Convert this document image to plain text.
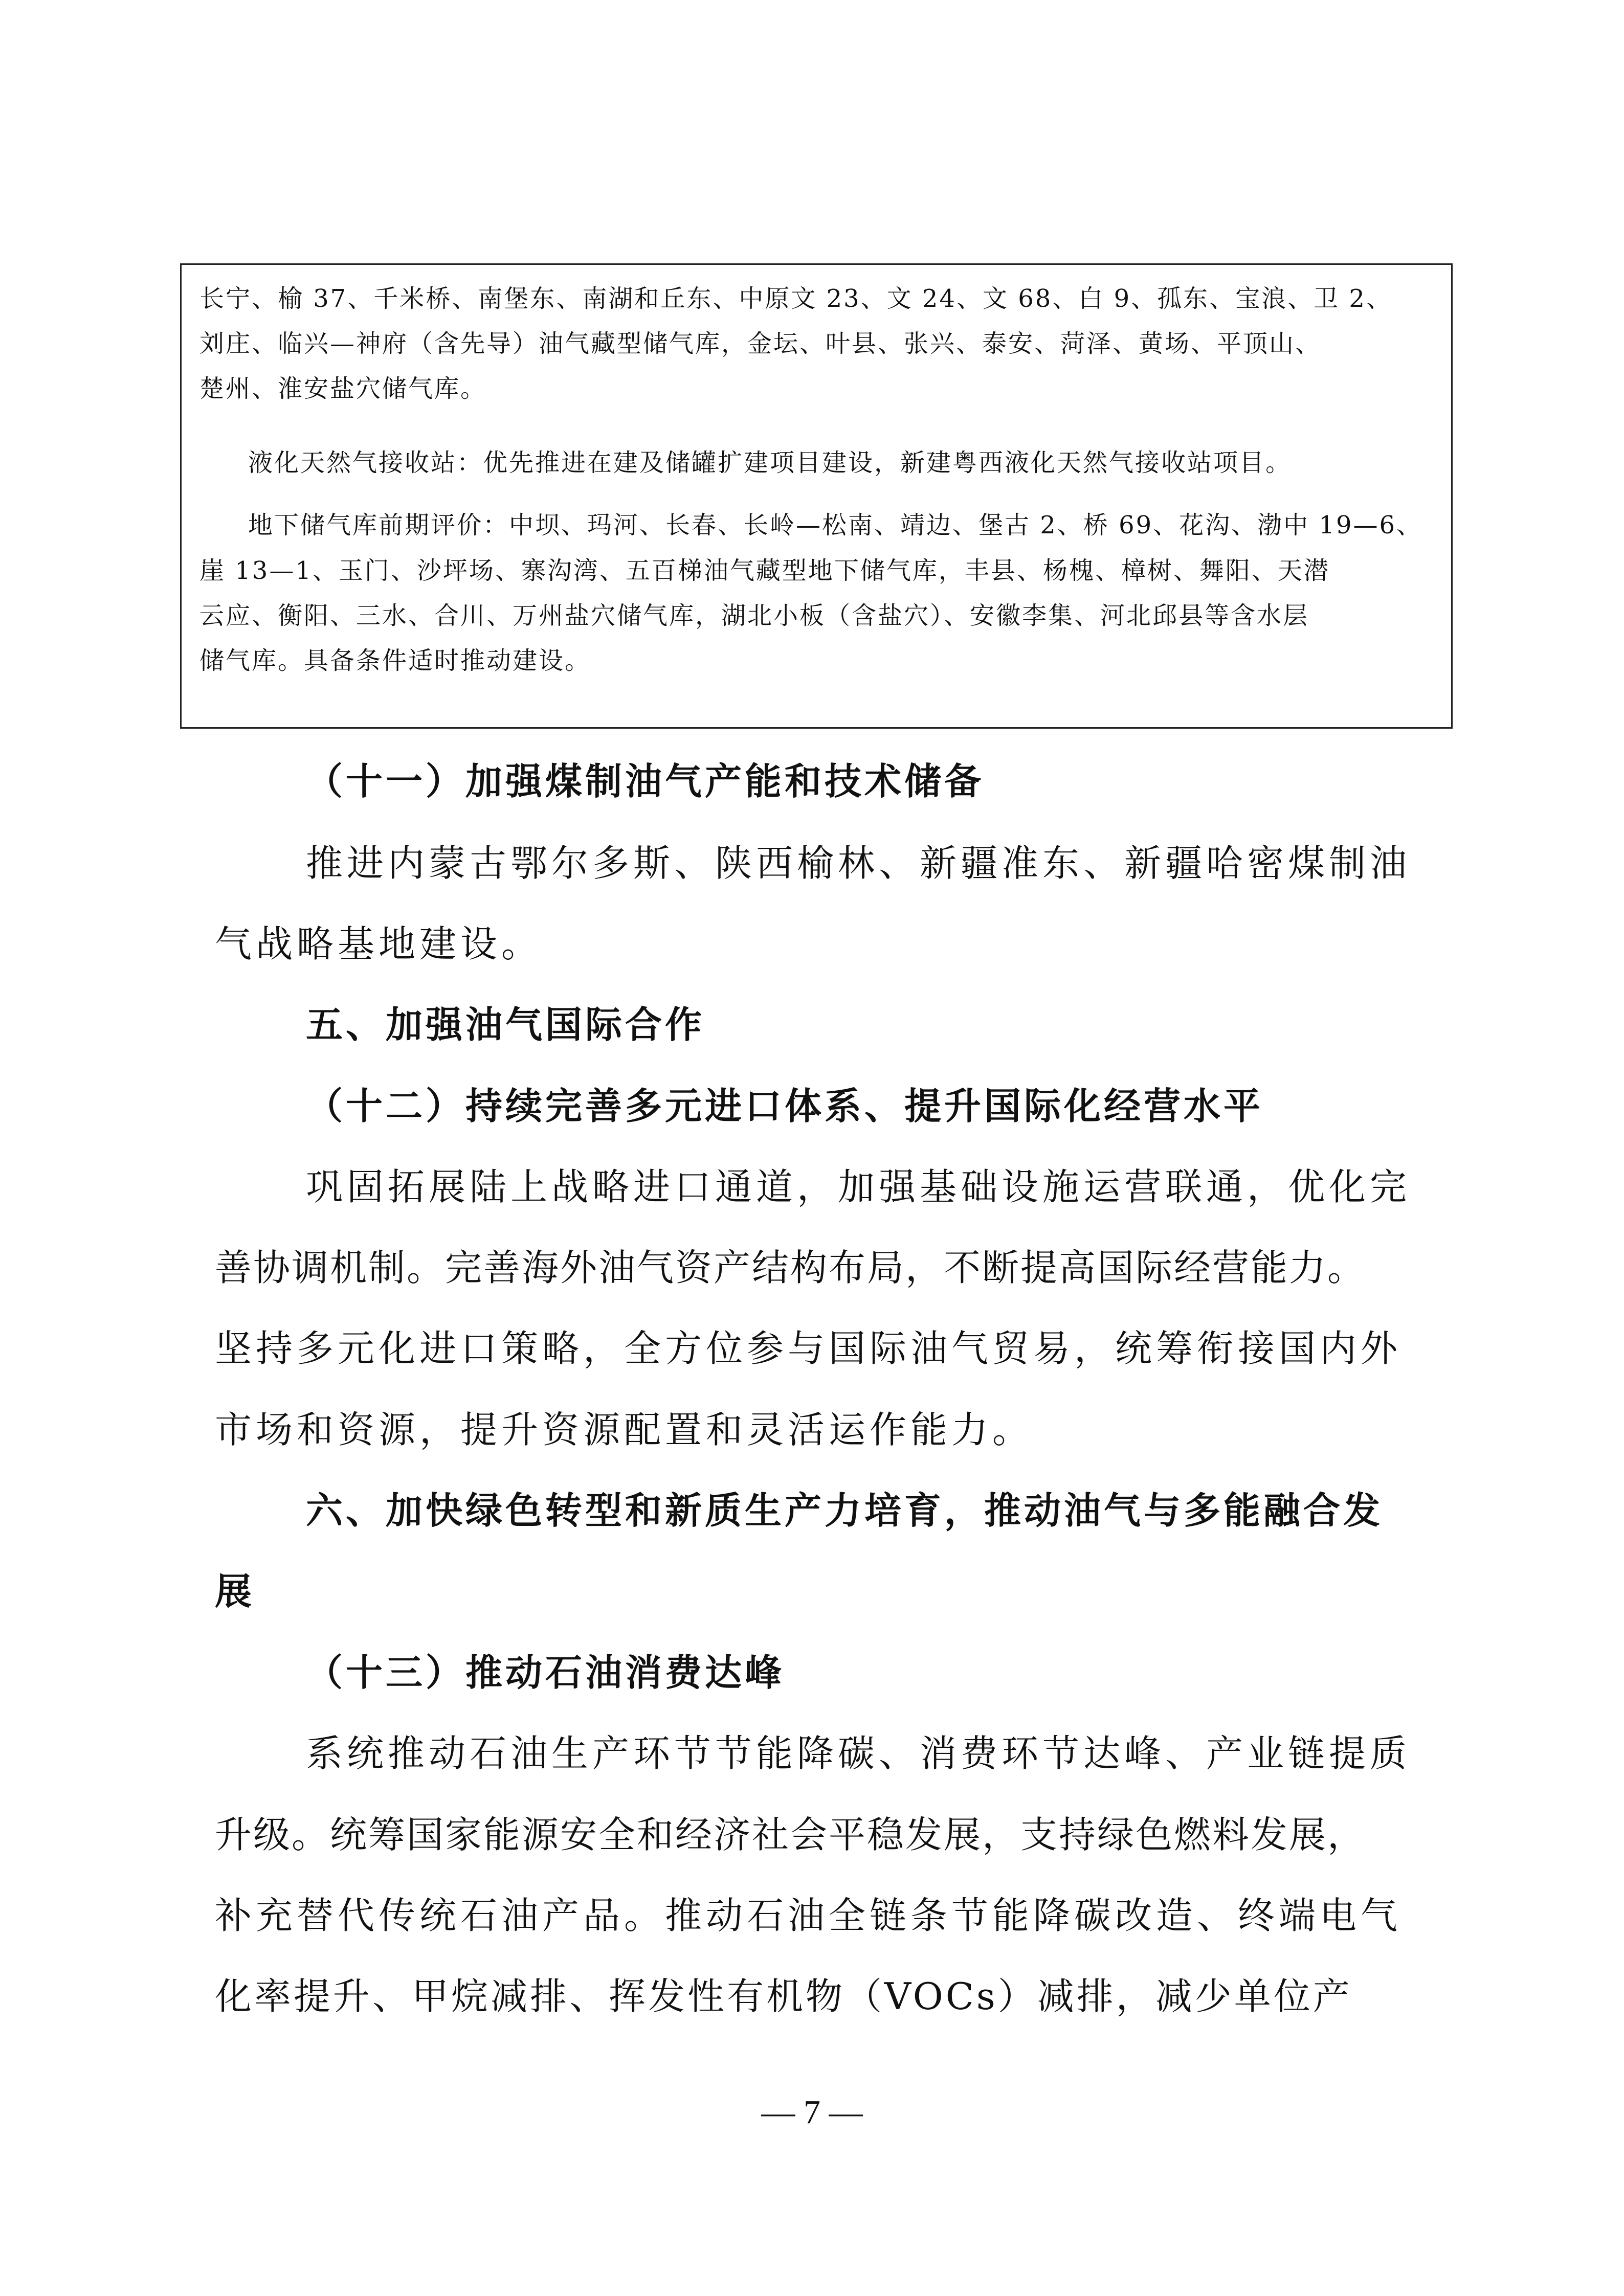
长宁、榆 37、千米桥、南堡东、南湖和丘东、中原文 23、文 24、文 68、白 9、孤东、宝浪、卫 2、
刘庄、临兴—神府（含先导）油气藏型储气库，金坛、叶县、张兴、泰安、菏泽、黄场、平顶山、
楚州、淮安盐穴储气库。
液化天然气接收站：优先推进在建及储罐扩建项目建设，新建粤西液化天然气接收站项目。
地下储气库前期评价：中坝、玛河、长春、长岭—松南、靖边、堡古 2、桥 69、花沟、渤中 19—6、
崖 13—1、玉门、沙坪场、寨沟湾、五百梯油气藏型地下储气库，丰县、杨槐、樟树、舞阳、天潜
云应、衡阳、三水、合川、万州盐穴储气库，湖北小板（含盐穴）、安徽李集、河北邱县等含水层
储气库。具备条件适时推动建设。
（十一）加强煤制油气产能和技术储备
推进内蒙古鄂尔多斯、陕西榆林、新疆准东、新疆哈密煤制油
气战略基地建设。
五、加强油气国际合作
（十二）持续完善多元进口体系、提升国际化经营水平
巩固拓展陆上战略进口通道，加强基础设施运营联通，优化完
善协调机制。完善海外油气资产结构布局，不断提高国际经营能力。
坚持多元化进口策略，全方位参与国际油气贸易，统筹衔接国内外
市场和资源，提升资源配置和灵活运作能力。
六、加快绿色转型和新质生产力培育，推动油气与多能融合发
展
（十三）推动石油消费达峰
系统推动石油生产环节节能降碳、消费环节达峰、产业链提质
升级。统筹国家能源安全和经济社会平稳发展，支持绿色燃料发展，
补充替代传统石油产品。推动石油全链条节能降碳改造、终端电气
化率提升、甲烷减排、挥发性有机物（VOCs）减排，减少单位产
— 7 —
